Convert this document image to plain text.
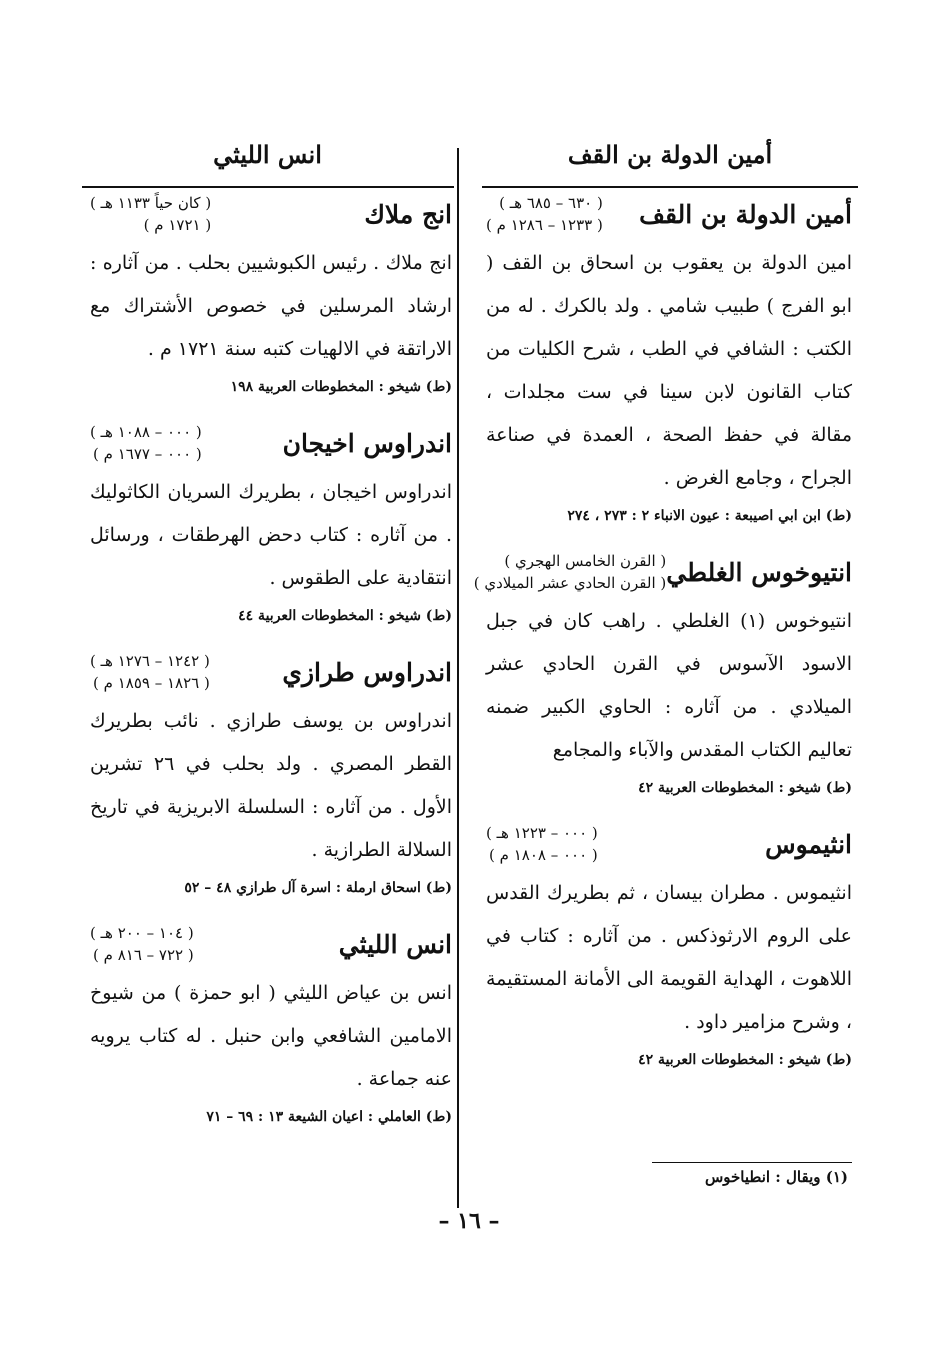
أمين الدولة بن القف
انس الليثي
أمين الدولة بن القف
( ٦٣٠ – ٦٨٥ هـ )
( ١٢٣٣ – ١٢٨٦ م )
امين الدولة بن يعقوب بن اسحاق بن القف ( ابو الفرج ) طبيب شامي . ولد بالكرك . له من الكتب : الشافي في الطب ، شرح الكليات من كتاب القانون لابن سينا في ست مجلدات ، مقالة في حفظ الصحة ، العمدة في صناعة الجراح ، وجامع الغرض .
(ط) ابن ابي اصيبعة : عيون الانباء ٢ : ٢٧٣ ، ٢٧٤
انتيوخوس الغلطي
( القرن الخامس الهجري )
( القرن الحادي عشر الميلادي )
انتيوخوس (١) الغلطي . راهب كان في جبل الاسود الآسوس في القرن الحادي عشر الميلادي . من آثاره : الحاوي الكبير ضمنه تعاليم الكتاب المقدس والآباء والمجامع
(ط) شيخو : المخطوطات العربية ٤٢
انثيموس
( ٠٠٠ – ١٢٢٣ هـ )
( ٠٠٠ – ١٨٠٨ م )
انثيموس . مطران بيسان ، ثم بطريرك القدس على الروم الارثوذكس . من آثاره : كتاب في اللاهوت ، الهداية القويمة الى الأمانة المستقيمة ، وشرح مزامير داود .
(ط) شيخو : المخطوطات العربية ٤٢
انج ملاك
( كان حياً ١١٣٣ هـ )
( ١٧٢١ م )
انج ملاك . رئيس الكبوشيين بحلب . من آثاره : ارشاد المرسلين في خصوص الأشتراك مع الاراتقة في الالهيات كتبه سنة ١٧٢١ م .
(ط) شيخو : المخطوطات العربية ١٩٨
اندراوس اخيجان
( ٠٠٠ – ١٠٨٨ هـ )
( ٠٠٠ – ١٦٧٧ م )
اندراوس اخيجان ، بطريرك السريان الكاثوليك . من آثاره : كتاب دحض الهرطقات ، ورسائل انتقادية على الطقوس .
(ط) شيخو : المخطوطات العربية ٤٤
اندراوس طرازي
( ١٢٤٢ – ١٢٧٦ هـ )
( ١٨٢٦ – ١٨٥٩ م )
اندراوس بن يوسف طرازي . نائب بطريرك القطر المصري . ولد بحلب في ٢٦ تشرين الأول . من آثاره : السلسلة الابريزية في تاريخ السلالة الطرازية .
(ط) اسحاق ارملة : اسرة آل طرازي ٤٨ – ٥٢
انس الليثي
( ١٠٤ – ٢٠٠ هـ )
( ٧٢٢ – ٨١٦ م )
انس بن عياض الليثي ( ابو حمزة ) من شيوخ الامامين الشافعي وابن حنبل . له كتاب يرويه عنه جماعة .
(ط) العاملي : اعيان الشيعة ١٣ : ٦٩ – ٧١
(١) ويقال : انطياخوس
– ١٦ –
